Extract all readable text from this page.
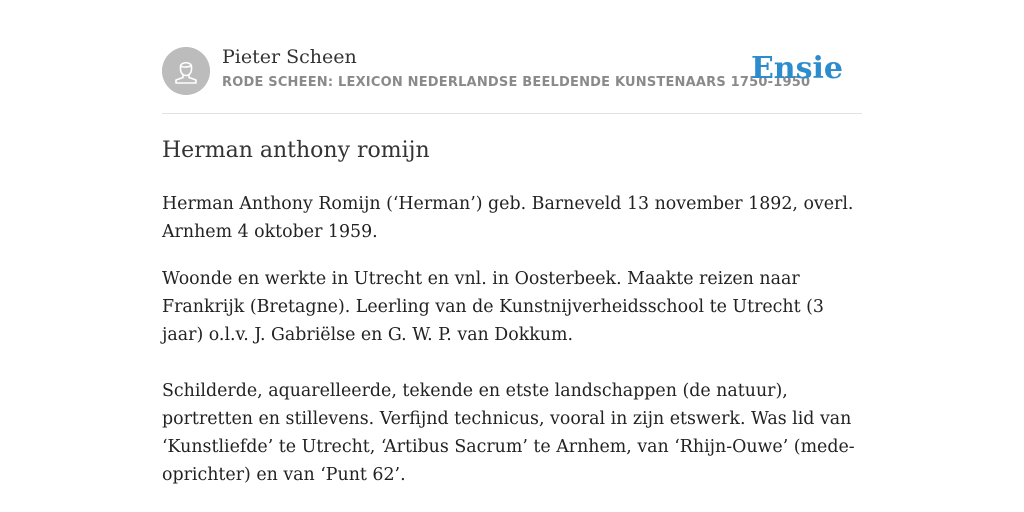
Pieter Scheen
RODE SCHEEN: LEXICON NEDERLANDSE BEELDENDE KUNSTENAARS 1750-1950
Ensie
Herman anthony romijn

Herman Anthony Romijn (‘Herman’) geb. Barneveld 13 november 1892, overl. Arnhem 4 oktober 1959.

Woonde en werkte in Utrecht en vnl. in Oosterbeek. Maakte reizen naar Frankrijk (Bretagne). Leerling van de Kunstnijverheidsschool te Utrecht (3 jaar) o.l.v. J. Gabriëlse en G. W. P. van Dokkum.

Schilderde, aquarelleerde, tekende en etste landschappen (de natuur), portretten en stillevens. Verfijnd technicus, vooral in zijn etswerk. Was lid van ‘Kunstliefde’ te Utrecht, ‘Artibus Sacrum’ te Arnhem, van ‘Rhijn-Ouwe’ (mede-oprichter) en van ‘Punt 62’.
